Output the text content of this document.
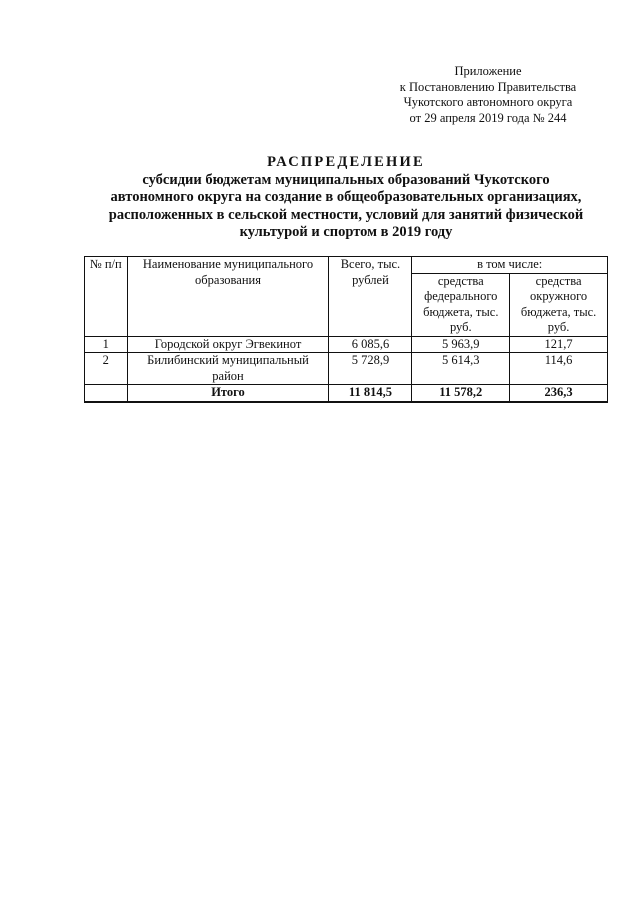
Приложение
к Постановлению Правительства
Чукотского автономного округа
от 29 апреля 2019 года № 244
РАСПРЕДЕЛЕНИЕ
субсидии бюджетам муниципальных образований Чукотского
автономного округа на создание в общеобразовательных организациях,
расположенных в сельской местности, условий для занятий физической
культурой и спортом в 2019 году
№ п/п	Наименование муниципального образования	Всего, тыс. рублей	в том числе:	
			средства федерального бюджета, тыс. руб.	средства окружного бюджета, тыс. руб.
1	Городской округ Эгвекинот	6 085,6	5 963,9	121,7
2	Билибинский муниципальный район	5 728,9	5 614,3	114,6
	Итого	11 814,5	11 578,2	236,3
